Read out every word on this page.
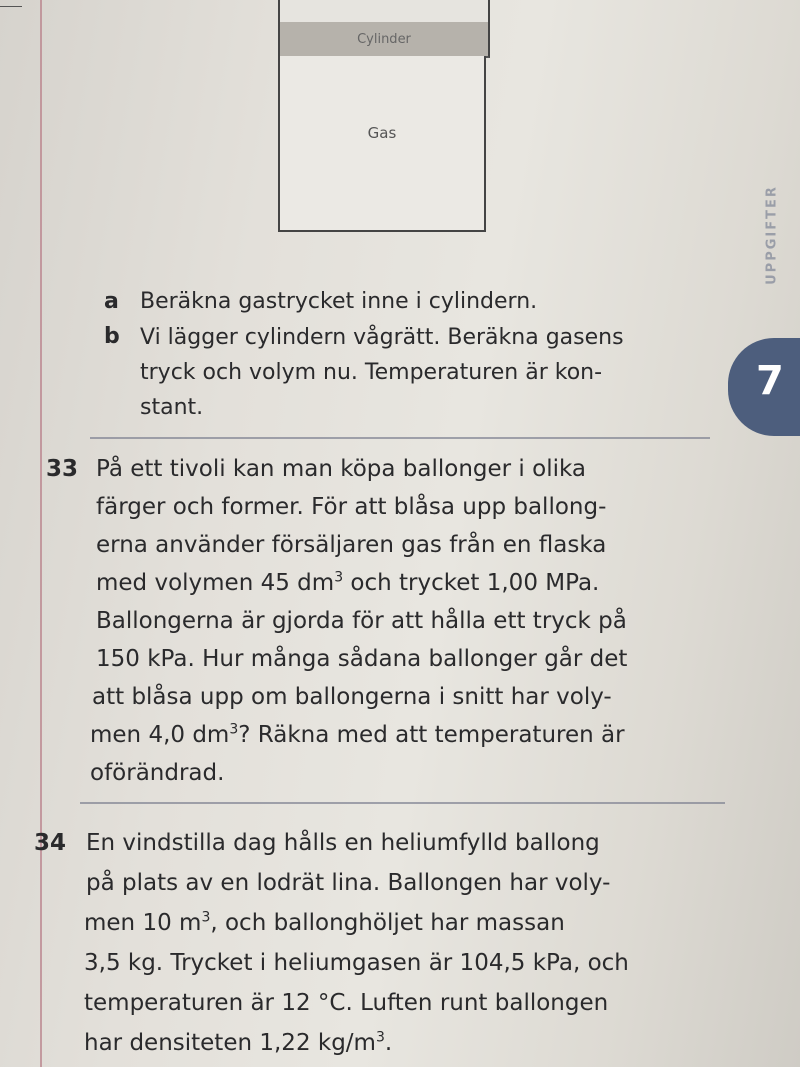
Cylinder
Gas
UPPGIFTER
7
a Beräkna gastrycket inne i cylindern.
b Vi lägger cylindern vågrätt. Beräkna gasens
tryck och volym nu. Temperaturen är kon-
stant.
33 På ett tivoli kan man köpa ballonger i olika
färger och former. För att blåsa upp ballong-
erna använder försäljaren gas från en flaska
med volymen 45 $dm^3$ och trycket 1,00 MPa.
Ballongerna är gjorda för att hålla ett tryck på
150 kPa. Hur många sådana ballonger går det
att blåsa upp om ballongerna i snitt har voly-
men 4,0 $dm^3$? Räkna med att temperaturen är
oförändrad.
34 En vindstilla dag hålls en heliumfylld ballong
på plats av en lodrät lina. Ballongen har voly-
men 10 $m^3$, och ballonghöljet har massan
3,5 kg. Trycket i heliumgasen är 104,5 kPa, och
temperaturen är 12 °C. Luften runt ballongen
har densiteten 1,22 $kg/m^3$.
